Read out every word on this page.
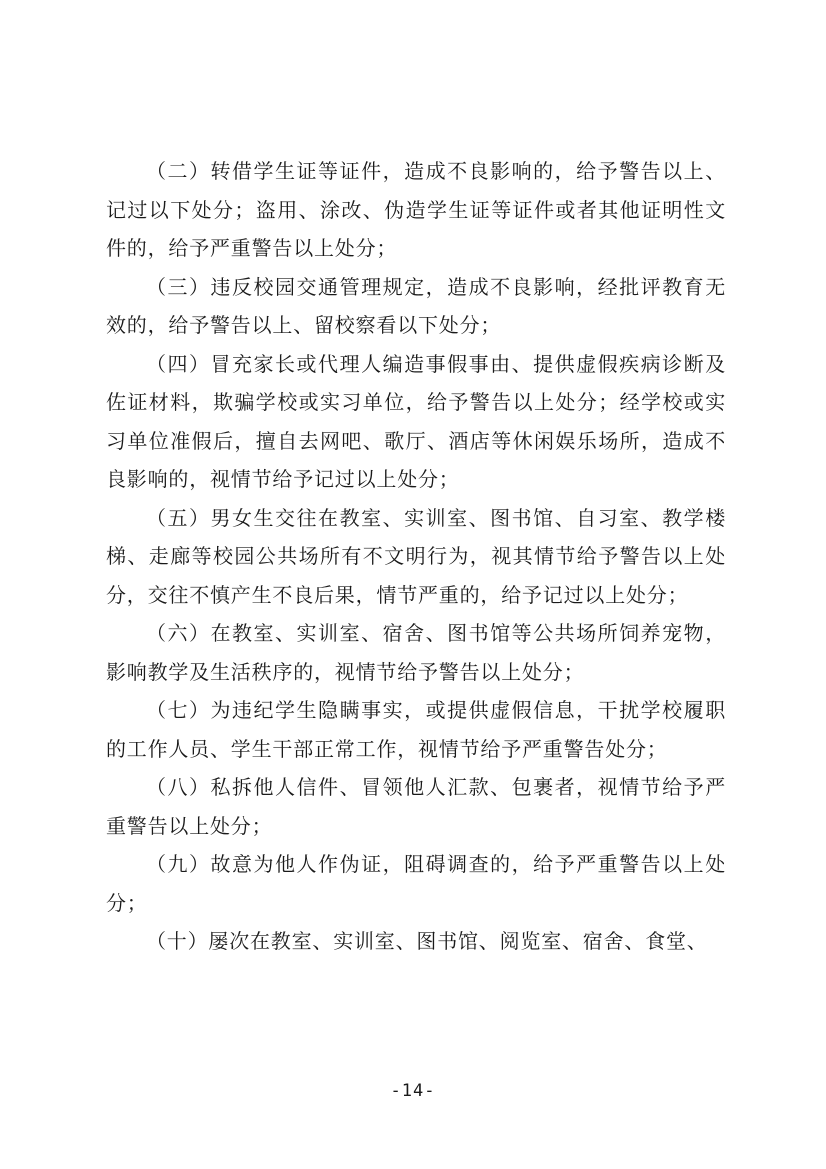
（二）转借学生证等证件，造成不良影响的，给予警告以上、记过以下处分；盗用、涂改、伪造学生证等证件或者其他证明性文件的，给予严重警告以上处分；

（三）违反校园交通管理规定，造成不良影响，经批评教育无效的，给予警告以上、留校察看以下处分；

（四）冒充家长或代理人编造事假事由、提供虚假疾病诊断及佐证材料，欺骗学校或实习单位，给予警告以上处分；经学校或实习单位准假后，擅自去网吧、歌厅、酒店等休闲娱乐场所，造成不良影响的，视情节给予记过以上处分；

（五）男女生交往在教室、实训室、图书馆、自习室、教学楼梯、走廊等校园公共场所有不文明行为，视其情节给予警告以上处分，交往不慎产生不良后果，情节严重的，给予记过以上处分；

（六）在教室、实训室、宿舍、图书馆等公共场所饲养宠物，影响教学及生活秩序的，视情节给予警告以上处分；

（七）为违纪学生隐瞒事实，或提供虚假信息，干扰学校履职的工作人员、学生干部正常工作，视情节给予严重警告处分；

（八）私拆他人信件、冒领他人汇款、包裹者，视情节给予严重警告以上处分；

（九）故意为他人作伪证，阻碍调查的，给予严重警告以上处分；

（十）屡次在教室、实训室、图书馆、阅览室、宿舍、食堂、

-14-
